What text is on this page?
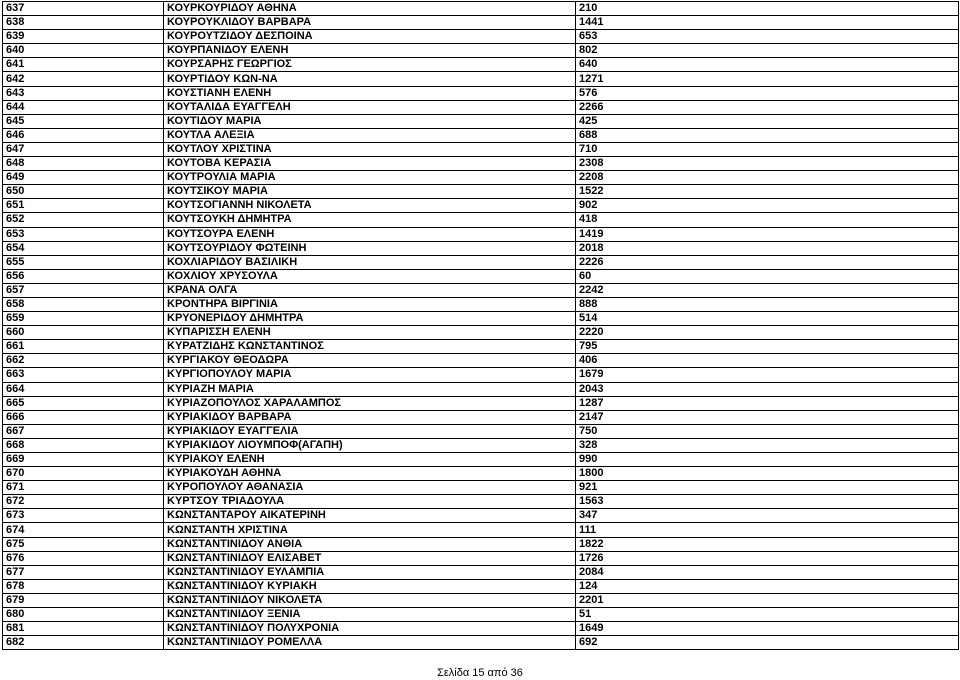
637	ΚΟΥΡΚΟΥΡΙΔΟΥ ΑΘΗΝΑ	210
638	ΚΟΥΡΟΥΚΛΙΔΟΥ ΒΑΡΒΑΡΑ	1441
639	ΚΟΥΡΟΥΤΖΙΔΟΥ ΔΕΣΠΟΙΝΑ	653
640	ΚΟΥΡΠΑΝΙΔΟΥ ΕΛΕΝΗ	802
641	ΚΟΥΡΣΑΡΗΣ ΓΕΩΡΓΙΟΣ	640
642	ΚΟΥΡΤΙΔΟΥ ΚΩΝ-ΝΑ	1271
643	ΚΟΥΣΤΙΑΝΗ ΕΛΕΝΗ	576
644	ΚΟΥΤΑΛΙΔΑ ΕΥΑΓΓΕΛΗ	2266
645	ΚΟΥΤΙΔΟΥ ΜΑΡΙΑ	425
646	ΚΟΥΤΛΑ ΑΛΕΞΙΑ	688
647	ΚΟΥΤΛΟΥ ΧΡΙΣΤΙΝΑ	710
648	ΚΟΥΤΟΒΑ ΚΕΡΑΣΙΑ	2308
649	ΚΟΥΤΡΟΥΛΙΑ ΜΑΡΙΑ	2208
650	ΚΟΥΤΣΙΚΟΥ ΜΑΡΙΑ	1522
651	ΚΟΥΤΣΟΓΙΑΝΝΗ ΝΙΚΟΛΕΤΑ	902
652	ΚΟΥΤΣΟΥΚΗ ΔΗΜΗΤΡΑ	418
653	ΚΟΥΤΣΟΥΡΑ ΕΛΕΝΗ	1419
654	ΚΟΥΤΣΟΥΡΙΔΟΥ ΦΩΤΕΙΝΗ	2018
655	ΚΟΧΛΙΑΡΙΔΟΥ ΒΑΣΙΛΙΚΗ	2226
656	ΚΟΧΛΙΟΥ ΧΡΥΣΟΥΛΑ	60
657	ΚΡΑΝΑ ΟΛΓΑ	2242
658	ΚΡΟΝΤΗΡΑ ΒΙΡΓΙΝΙΑ	888
659	ΚΡΥΟΝΕΡΙΔΟΥ ΔΗΜΗΤΡΑ	514
660	ΚΥΠΑΡΙΣΣΗ ΕΛΕΝΗ	2220
661	ΚΥΡΑΤΖΙΔΗΣ ΚΩΝΣΤΑΝΤΙΝΟΣ	795
662	ΚΥΡΓΙΑΚΟΥ ΘΕΟΔΩΡΑ	406
663	ΚΥΡΓΙΟΠΟΥΛΟΥ ΜΑΡΙΑ	1679
664	ΚΥΡΙΑΖΗ ΜΑΡΙΑ	2043
665	ΚΥΡΙΑΖΟΠΟΥΛΟΣ ΧΑΡΑΛΑΜΠΟΣ	1287
666	ΚΥΡΙΑΚΙΔΟΥ ΒΑΡΒΑΡΑ	2147
667	ΚΥΡΙΑΚΙΔΟΥ ΕΥΑΓΓΕΛΙΑ	750
668	ΚΥΡΙΑΚΙΔΟΥ ΛΙΟΥΜΠΟΦ(ΑΓΑΠΗ)	328
669	ΚΥΡΙΑΚΟΥ ΕΛΕΝΗ	990
670	ΚΥΡΙΑΚΟΥΔΗ ΑΘΗΝΑ	1800
671	ΚΥΡΟΠΟΥΛΟΥ ΑΘΑΝΑΣΙΑ	921
672	ΚΥΡΤΣΟΥ ΤΡΙΑΔΟΥΛΑ	1563
673	ΚΩΝΣΤΑΝΤΑΡΟΥ ΑΙΚΑΤΕΡΙΝΗ	347
674	ΚΩΝΣΤΑΝΤΗ ΧΡΙΣΤΙΝΑ	111
675	ΚΩΝΣΤΑΝΤΙΝΙΔΟΥ ΑΝΘΙΑ	1822
676	ΚΩΝΣΤΑΝΤΙΝΙΔΟΥ ΕΛΙΣΑΒΕΤ	1726
677	ΚΩΝΣΤΑΝΤΙΝΙΔΟΥ ΕΥΛΑΜΠΙΑ	2084
678	ΚΩΝΣΤΑΝΤΙΝΙΔΟΥ ΚΥΡΙΑΚΗ	124
679	ΚΩΝΣΤΑΝΤΙΝΙΔΟΥ ΝΙΚΟΛΕΤΑ	2201
680	ΚΩΝΣΤΑΝΤΙΝΙΔΟΥ ΞΕΝΙΑ	51
681	ΚΩΝΣΤΑΝΤΙΝΙΔΟΥ ΠΟΛΥΧΡΟΝΙΑ	1649
682	ΚΩΝΣΤΑΝΤΙΝΙΔΟΥ ΡΟΜΕΛΛΑ	692
Σελίδα 15 από 36
